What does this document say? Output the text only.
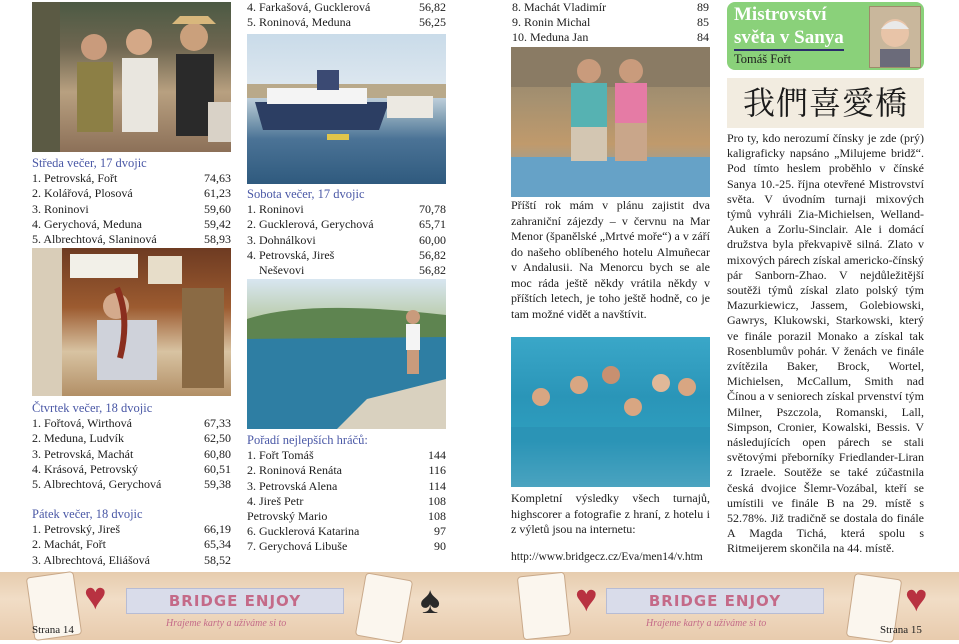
Středa večer, 17 dvojic
1. Petrovská, Fořt	74,63
2. Kolářová, Plosová	61,23
3. Roninovi	59,60
4. Gerychová, Meduna	59,42
5. Albrechtová, Slaninová	58,93
Čtvrtek večer, 18 dvojic
1. Fořtová, Wirthová	67,33
2. Meduna, Ludvík	62,50
3. Petrovská, Machát	60,80
4. Krásová, Petrovský	60,51
5. Albrechtová, Gerychová	59,38
Pátek večer, 18 dvojic
1. Petrovský, Jireš	66,19
2. Machát, Fořt	65,34
3. Albrechtová, Eliášová	58,52
4. Farkašová, Gucklerová	56,82
5. Roninová, Meduna	56,25
Sobota večer, 17 dvojic
1. Roninovi	70,78
2. Gucklerová, Gerychová	65,71
3. Dohnálkovi	60,00
4. Petrovská, Jireš	56,82
Neševovi	56,82
Pořadí nejlepších hráčů:
1. Fořt Tomáš	144
2. Roninová Renáta	116
3. Petrovská Alena	114
4. Jireš Petr	108
Petrovský Mario	108
6. Gucklerová Katarina	97
7. Gerychová Libuše	90
8. Machát Vladimír	89
9. Ronin Michal	85
10. Meduna Jan	84
Příští rok mám v plánu zajistit dva zahraniční zájezdy – v červnu na Mar Menor (španělské „Mrtvé moře“) a v září do našeho oblíbeného hotelu Almuñecar v Andalusii. Na Menorcu bych se ale moc ráda ještě někdy vrátila někdy v příštích letech, je toho ještě hodně, co je tam možné vidět a navštívit.
Kompletní výsledky všech turnajů, highscorer a fotografie z hraní, z hotelu i z výletů jsou na internetu:
http://www.bridgecz.cz/Eva/men14/v.htm
Mistrovství
světa v Sanya
Tomáš Fořt
我們喜愛橋
Pro ty, kdo nerozumí čínsky je zde (prý) kaligraficky napsáno „Milujeme bridž“. Pod tímto heslem proběhlo v čínské Sanya 10.-25. října otevřené Mistrovství světa. V úvodním turnaji mixových týmů vyhráli Zia-Michielsen, Welland-Auken a Zorlu-Sinclair. Ale i domácí družstva byla překvapivě silná. Zlato v mixových párech získal americko-čínský pár Sanborn-Zhao. V nejdůležitější soutěži týmů získal zlato polský tým Mazurkiewicz, Jassem, Golebiowski, Gawrys, Klukowski, Starkowski, který ve finále porazil Monako a získal tak Rosenblumův pohár. V ženách ve finále zvítězila Baker, Brock, Wortel, Michielsen, McCallum, Smith nad Čínou a v seniorech získal prvenství tým Milner, Pszczola, Romanski, Lall, Simpson, Cronier, Kowalski, Bessis. V následujících open párech se stali světovými přeborníky Friedlander-Liran z Izraele. Soutěže se také zúčastnila česká dvojice Šlemr-Vozábal, kteří se umístili ve finále B na 29. místě s 52.78%. Již tradičně se dostala do finále A Magda Tichá, která spolu s Ritmeijerem skončila na 44. místě.
♥	♠	♥	♥
BRIDGE ENJOY
Hrajeme karty a užíváme si to
BRIDGE ENJOY
Hrajeme karty a užíváme si to
Strana 14	Strana 15
